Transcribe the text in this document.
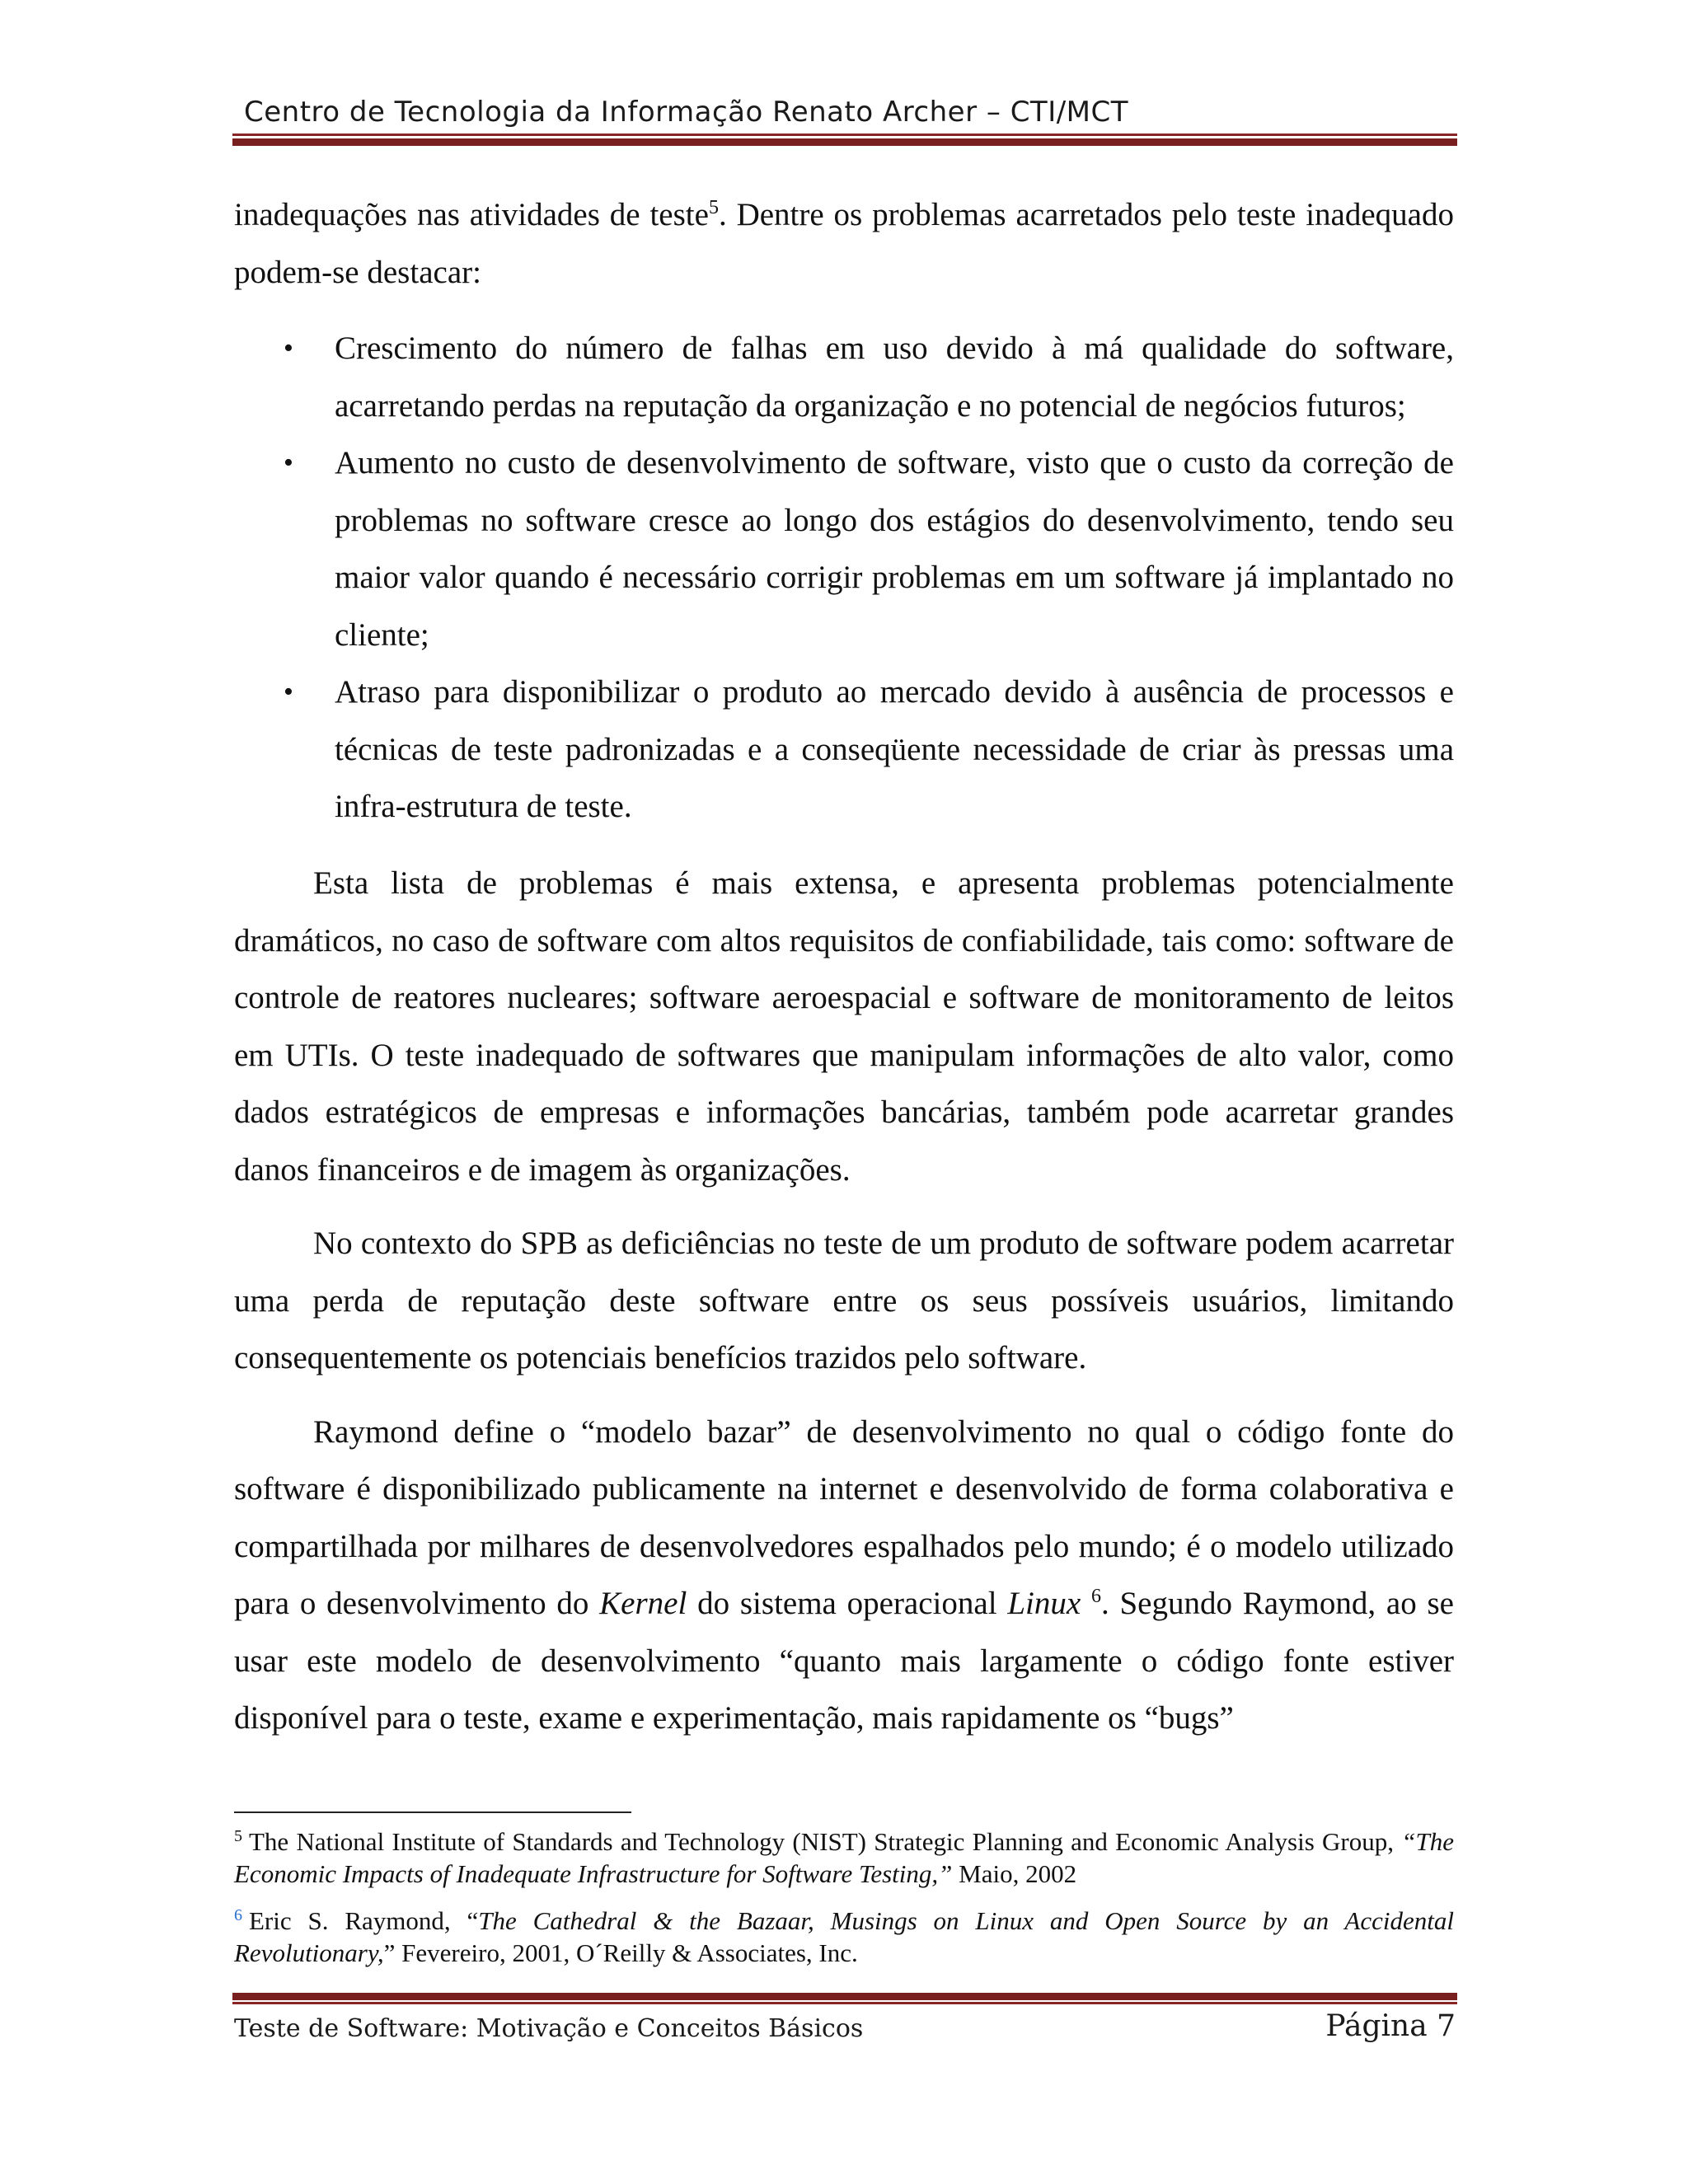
Centro de Tecnologia da Informação Renato Archer – CTI/MCT

inadequações nas atividades de teste$^5$. Dentre os problemas acarretados pelo teste inadequado podem-se destacar:

• Crescimento do número de falhas em uso devido à má qualidade do software, acarretando perdas na reputação da organização e no potencial de negócios futuros;
• Aumento no custo de desenvolvimento de software, visto que o custo da correção de problemas no software cresce ao longo dos estágios do desenvolvimento, tendo seu maior valor quando é necessário corrigir problemas em um software já implantado no cliente;
• Atraso para disponibilizar o produto ao mercado devido à ausência de processos e técnicas de teste padronizadas e a conseqüente necessidade de criar às pressas uma infra-estrutura de teste.

Esta lista de problemas é mais extensa, e apresenta problemas potencialmente dramáticos, no caso de software com altos requisitos de confiabilidade, tais como: software de controle de reatores nucleares; software aeroespacial e software de monitoramento de leitos em UTIs. O teste inadequado de softwares que manipulam informações de alto valor, como dados estratégicos de empresas e informações bancárias, também pode acarretar grandes danos financeiros e de imagem às organizações.

No contexto do SPB as deficiências no teste de um produto de software podem acarretar uma perda de reputação deste software entre os seus possíveis usuários, limitando consequentemente os potenciais benefícios trazidos pelo software.

Raymond define o “modelo bazar” de desenvolvimento no qual o código fonte do software é disponibilizado publicamente na internet e desenvolvido de forma colaborativa e compartilhada por milhares de desenvolvedores espalhados pelo mundo; é o modelo utilizado para o desenvolvimento do Kernel do sistema operacional Linux $^6$. Segundo Raymond, ao se usar este modelo de desenvolvimento “quanto mais largamente o código fonte estiver disponível para o teste, exame e experimentação, mais rapidamente os “bugs”

$^5$ The National Institute of Standards and Technology (NIST) Strategic Planning and Economic Analysis Group, “The Economic Impacts of Inadequate Infrastructure for Software Testing,” Maio, 2002

$^6$ Eric S. Raymond, “The Cathedral & the Bazaar, Musings on Linux and Open Source by an Accidental Revolutionary,” Fevereiro, 2001, O´Reilly & Associates, Inc.

Teste de Software: Motivação e Conceitos Básicos	Página 7
